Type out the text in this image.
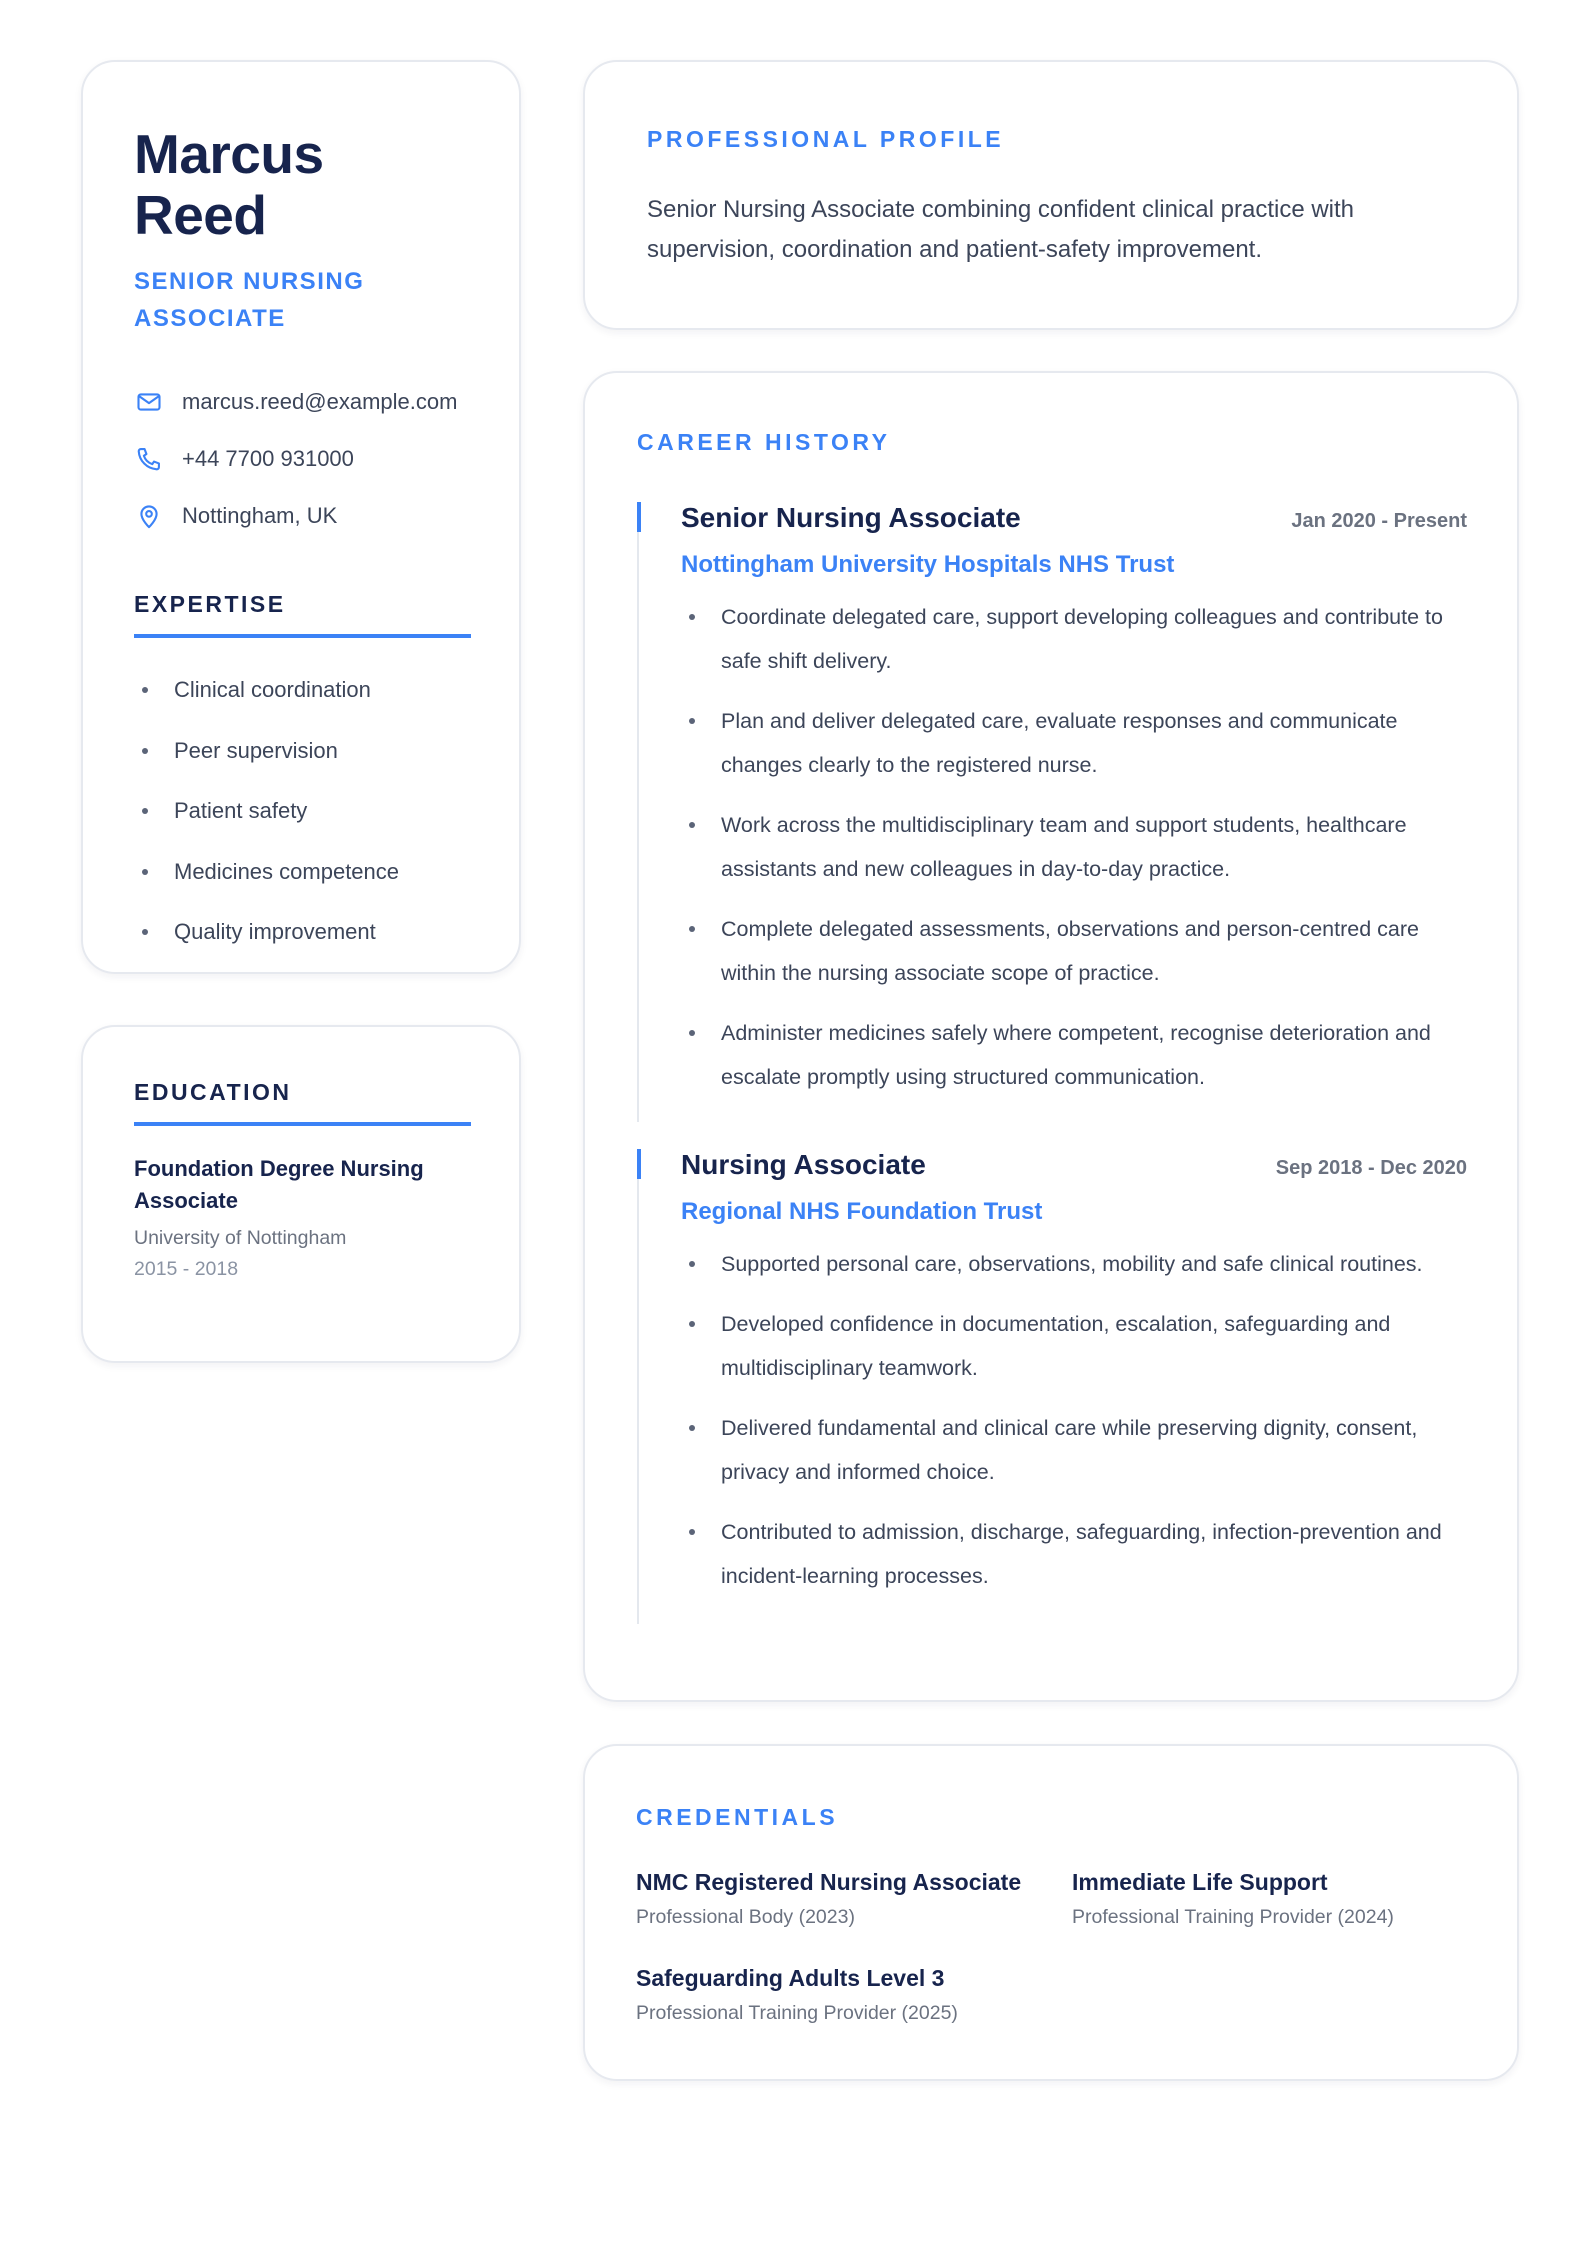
Marcus Reed
SENIOR NURSING ASSOCIATE
marcus.reed@example.com
+44 7700 931000
Nottingham, UK
EXPERTISE
Clinical coordination
Peer supervision
Patient safety
Medicines competence
Quality improvement
EDUCATION
Foundation Degree Nursing Associate
University of Nottingham
2015 - 2018
PROFESSIONAL PROFILE

Senior Nursing Associate combining confident clinical practice with supervision, coordination and patient-safety improvement.

CAREER HISTORY
Senior Nursing Associate	Jan 2020 - Present
Nottingham University Hospitals NHS Trust
Coordinate delegated care, support developing colleagues and contribute to safe shift delivery.
Plan and deliver delegated care, evaluate responses and communicate changes clearly to the registered nurse.
Work across the multidisciplinary team and support students, healthcare assistants and new colleagues in day-to-day practice.
Complete delegated assessments, observations and person-centred care within the nursing associate scope of practice.
Administer medicines safely where competent, recognise deterioration and escalate promptly using structured communication.
Nursing Associate	Sep 2018 - Dec 2020
Regional NHS Foundation Trust
Supported personal care, observations, mobility and safe clinical routines.
Developed confidence in documentation, escalation, safeguarding and multidisciplinary teamwork.
Delivered fundamental and clinical care while preserving dignity, consent, privacy and informed choice.
Contributed to admission, discharge, safeguarding, infection-prevention and incident-learning processes.
CREDENTIALS
NMC Registered Nursing Associate
Professional Body (2023)
Immediate Life Support
Professional Training Provider (2024)
Safeguarding Adults Level 3
Professional Training Provider (2025)
